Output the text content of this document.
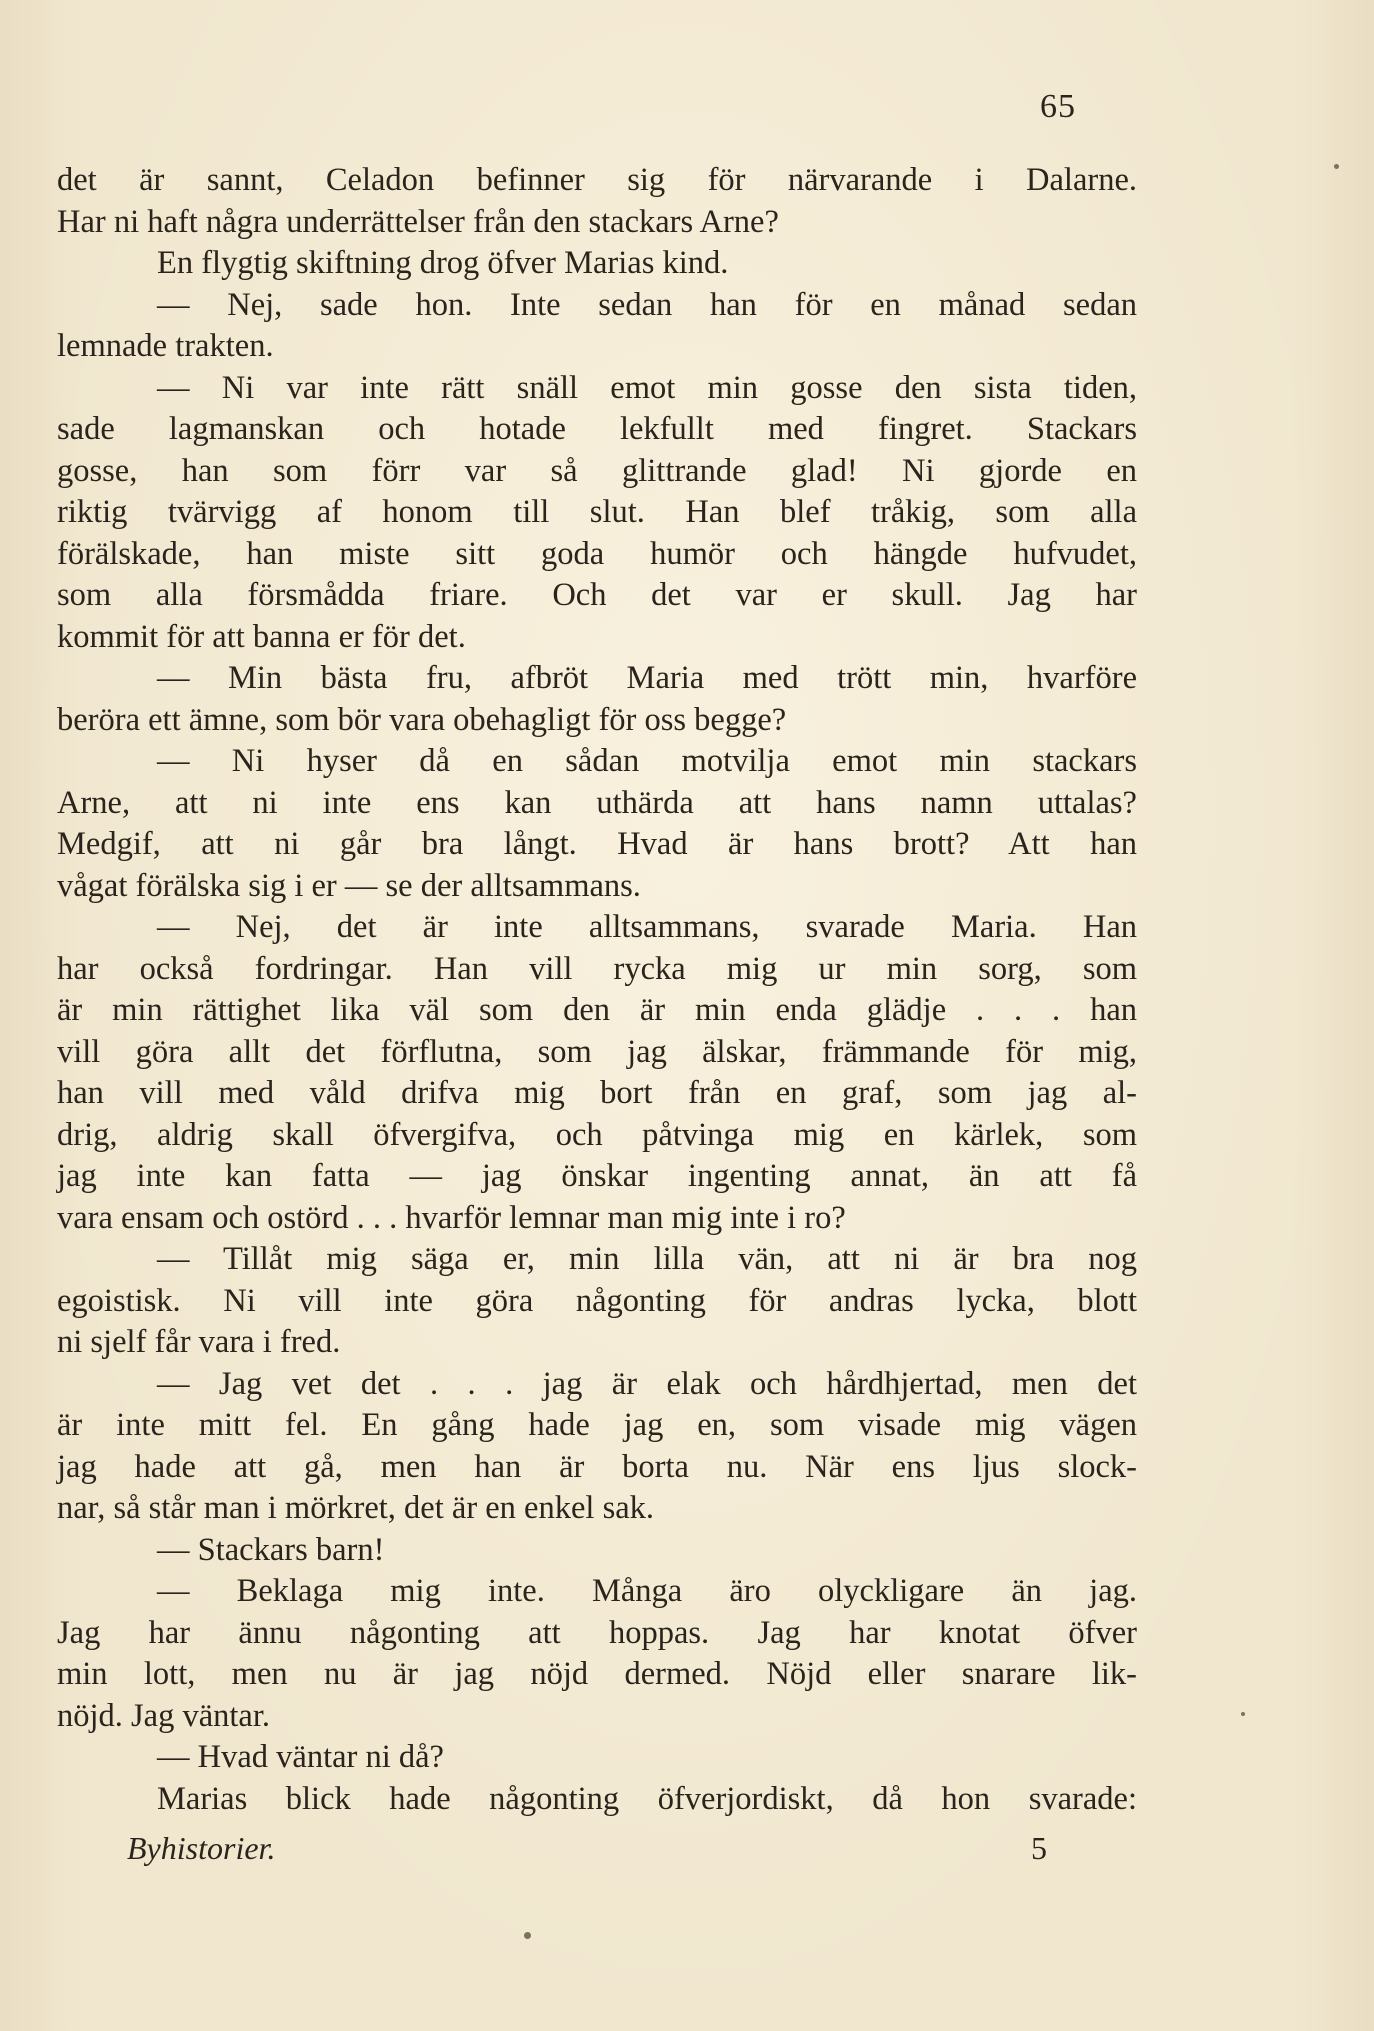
65
det är sannt, Celadon befinner sig för närvarande i Dalarne.
Har ni haft några underrättelser från den stackars Arne?
En flygtig skiftning drog öfver Marias kind.
— Nej, sade hon. Inte sedan han för en månad sedan
lemnade trakten.
— Ni var inte rätt snäll emot min gosse den sista tiden,
sade lagmanskan och hotade lekfullt med fingret. Stackars
gosse, han som förr var så glittrande glad! Ni gjorde en
riktig tvärvigg af honom till slut. Han blef tråkig, som alla
förälskade, han miste sitt goda humör och hängde hufvudet,
som alla försmådda friare. Och det var er skull. Jag har
kommit för att banna er för det.
— Min bästa fru, afbröt Maria med trött min, hvarföre
beröra ett ämne, som bör vara obehagligt för oss begge?
— Ni hyser då en sådan motvilja emot min stackars
Arne, att ni inte ens kan uthärda att hans namn uttalas?
Medgif, att ni går bra långt. Hvad är hans brott? Att han
vågat förälska sig i er — se der alltsammans.
— Nej, det är inte alltsammans, svarade Maria. Han
har också fordringar. Han vill rycka mig ur min sorg, som
är min rättighet lika väl som den är min enda glädje . . . han
vill göra allt det förflutna, som jag älskar, främmande för mig,
han vill med våld drifva mig bort från en graf, som jag al-
drig, aldrig skall öfvergifva, och påtvinga mig en kärlek, som
jag inte kan fatta — jag önskar ingenting annat, än att få
vara ensam och ostörd . . . hvarför lemnar man mig inte i ro?
— Tillåt mig säga er, min lilla vän, att ni är bra nog
egoistisk. Ni vill inte göra någonting för andras lycka, blott
ni sjelf får vara i fred.
— Jag vet det . . . jag är elak och hårdhjertad, men det
är inte mitt fel. En gång hade jag en, som visade mig vägen
jag hade att gå, men han är borta nu. När ens ljus slock-
nar, så står man i mörkret, det är en enkel sak.
— Stackars barn!
— Beklaga mig inte. Många äro olyckligare än jag.
Jag har ännu någonting att hoppas. Jag har knotat öfver
min lott, men nu är jag nöjd dermed. Nöjd eller snarare lik-
nöjd. Jag väntar.
— Hvad väntar ni då?
Marias blick hade någonting öfverjordiskt, då hon svarade:
Byhistorier.	5
